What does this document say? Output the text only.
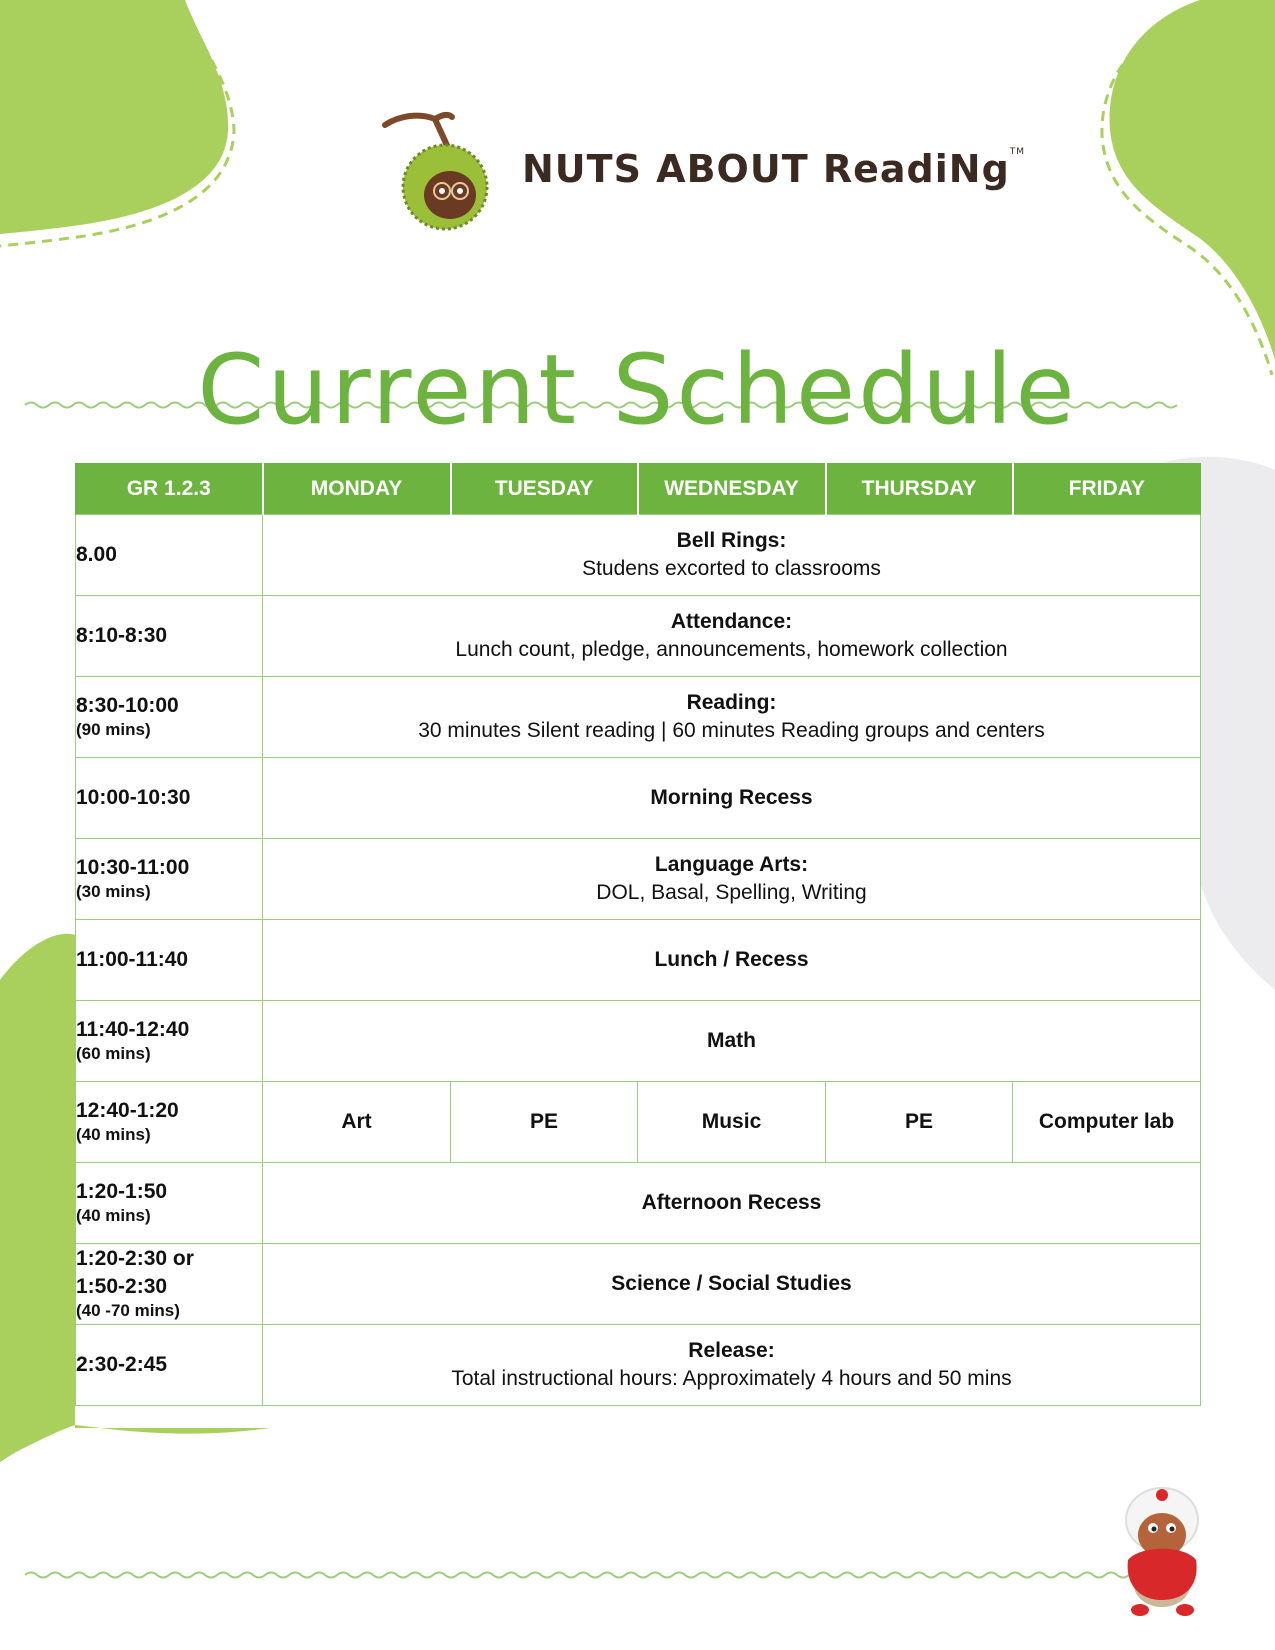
NUTS ABOUT ReadiNg™
Current Schedule
GR 1.2.3	MONDAY	TUESDAY	WEDNESDAY	THURSDAY	FRIDAY
8.00	Bell Rings:
Studens excorted to classrooms				

8:10-8:30	Attendance:
Lunch count, pledge, announcements, homework collection				

8:30-10:00
(90 mins)	Reading:
30 minutes Silent reading | 60 minutes Reading groups and centers				

10:00-10:30	Morning Recess				

10:30-11:00
(30 mins)	Language Arts:
DOL, Basal, Spelling, Writing				

11:00-11:40	Lunch / Recess				

11:40-12:40
(60 mins)	Math				

12:40-1:20
(40 mins)	Art	PE	Music	PE	Computer lab
1:20-1:50
(40 mins)	Afternoon Recess				

1:20-2:30 or
1:50-2:30
(40 -70 mins)	Science / Social Studies				

2:30-2:45	Release:
Total instructional hours: Approximately 4 hours and 50 mins				
